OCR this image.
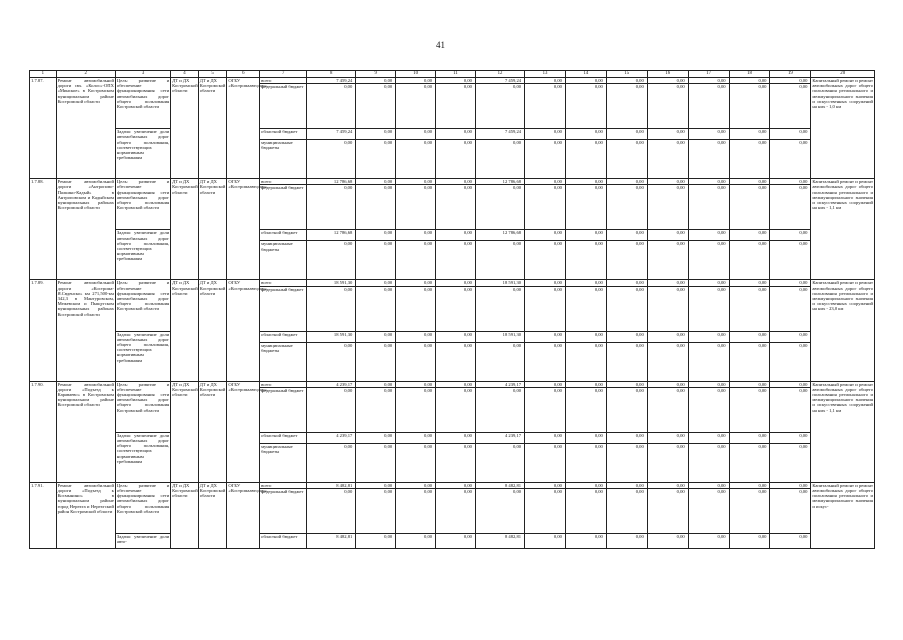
41
1	2	3	4	5	6	7	8	9	10	11	12	13	14	15	16	17	18	19	20
1.7.87.	Ремонт автомобильной дороги свх. «Колос»-ОПХ «Минское» в Костромском муниципальном районе Костромской области	Цель: развитие и обеспечение функционирования сети автомобильных дорог общего пользования Костромской области	ДТ и ДХ Костромской области	ДТ и ДХ Костромской области	ОГБУ «Костромаавтодор»	всего	7 459,24	0,00	0,00	0,00	7 459,24	0,00	0,00	0,00	0,00	0,00	0,00	0,00	Капитальный ремонт и ремонт автомобильных дорог общего пользования регионального и межмуниципального значения и искусственных сооружений на них - 1,0 км
						федеральный бюджет	0,00	0,00	0,00	0,00	0,00	0,00	0,00	0,00	0,00	0,00	0,00	0,00	
		Задача: увеличение доли автомобильных дорог общего пользования, соответствующих нормативным требованиям				областной бюджет	7 459,24	0,00	0,00	0,00	7 459,24	0,00	0,00	0,00	0,00	0,00	0,00	0,00	
						муниципальные бюджеты	0,00	0,00	0,00	0,00	0,00	0,00	0,00	0,00	0,00	0,00	0,00	0,00	
1.7.88.	Ремонт автомобильной дороги «Антропово-Палкино-Кадый» в Антроповском и Кадыйском муниципальных районах Костромской области	Цель: развитие и обеспечение функционирования сети автомобильных дорог общего пользования Костромской области	ДТ и ДХ Костромской области	ДТ и ДХ Костромской области	ОГБУ «Костромаавтодор»	всего	12 786,68	0,00	0,00	0,00	12 786,68	0,00	0,00	0,00	0,00	0,00	0,00	0,00	Капитальный ремонт и ремонт автомобильных дорог общего пользования регионального и межмуниципального значения и искусственных сооружений на них - 1,1 км
						федеральный бюджет	0,00	0,00	0,00	0,00	0,00	0,00	0,00	0,00	0,00	0,00	0,00	0,00	
		Задача: увеличение доли автомобильных дорог общего пользования, соответствующих нормативным требованиям				областной бюджет	12 786,68	0,00	0,00	0,00	12 786,68	0,00	0,00	0,00	0,00	0,00	0,00	0,00	
						муниципальные бюджеты	0,00	0,00	0,00	0,00	0,00	0,00	0,00	0,00	0,00	0,00	0,00	0,00	
1.7.89.	Ремонт автомобильной дороги «Кострома-Я.Свденско» км 271,500-км 342,3 в Мантуровском, Межевском и Пыщугском муниципальных районах Костромской области	Цель: развитие и обеспечение функционирования сети автомобильных дорог общего пользования Костромской области	ДТ и ДХ Костромской области	ДТ и ДХ Костромской области	ОГБУ «Костромаавтодор»	всего	18 591,30	0,00	0,00	0,00	18 591,30	0,00	0,00	0,00	0,00	0,00	0,00	0,00	Капитальный ремонт и ремонт автомобильных дорог общего пользования регионального и межмуниципального значения и искусственных сооружений на них - 23,0 км
						федеральный бюджет	0,00	0,00	0,00	0,00	0,00	0,00	0,00	0,00	0,00	0,00	0,00	0,00	
		Задача: увеличение доли автомобильных дорог общего пользования, соответствующих нормативным требованиям				областной бюджет	18 591,30	0,00	0,00	0,00	18 591,30	0,00	0,00	0,00	0,00	0,00	0,00	0,00	
						муниципальные бюджеты	0,00	0,00	0,00	0,00	0,00	0,00	0,00	0,00	0,00	0,00	0,00	0,00	
1.7.90.	Ремонт автомобильной дороги «Подъезд к Караваево» в Костромском муниципальном районе Костромской области	Цель: развитие и обеспечение функционирования сети автомобильных дорог общего пользования Костромской области	ДТ и ДХ Костромской области	ДТ и ДХ Костромской области	ОГБУ «Костромаавтодор»	всего	4 239,17	0,00	0,00	0,00	4 239,17	0,00	0,00	0,00	0,00	0,00	0,00	0,00	Капитальный ремонт и ремонт автомобильных дорог общего пользования регионального и межмуниципального значения и искусственных сооружений на них - 1,1 км
						федеральный бюджет	0,00	0,00	0,00	0,00	0,00	0,00	0,00	0,00	0,00	0,00	0,00	0,00	
		Задача: увеличение доли автомобильных дорог общего пользования, соответствующих нормативным требованиям				областной бюджет	4 239,17	0,00	0,00	0,00	4 239,17	0,00	0,00	0,00	0,00	0,00	0,00	0,00	
						муниципальные бюджеты	0,00	0,00	0,00	0,00	0,00	0,00	0,00	0,00	0,00	0,00	0,00	0,00	
1.7.91.	Ремонт автомобильной дороги «Подъезд к Космынино» в муниципальном районе город Нерехта и Нерехтский район Костромской области	Цель: развитие и обеспечение функционирования сети автомобильных дорог общего пользования Костромской области	ДТ и ДХ Костромской области	ДТ и ДХ Костромской области	ОГБУ «Костромаавтодор»	всего	8 482,81	0,00	0,00	0,00	8 482,81	0,00	0,00	0,00	0,00	0,00	0,00	0,00	Капитальный ремонт и ремонт автомобильных дорог общего пользования регионального и межмуниципального значения и искус-
						федеральный бюджет	0,00	0,00	0,00	0,00	0,00	0,00	0,00	0,00	0,00	0,00	0,00	0,00	
		Задача: увеличение доли авто-				областной бюджет	8 482,81	0,00	0,00	0,00	8 482,81	0,00	0,00	0,00	0,00	0,00	0,00	0,00	
